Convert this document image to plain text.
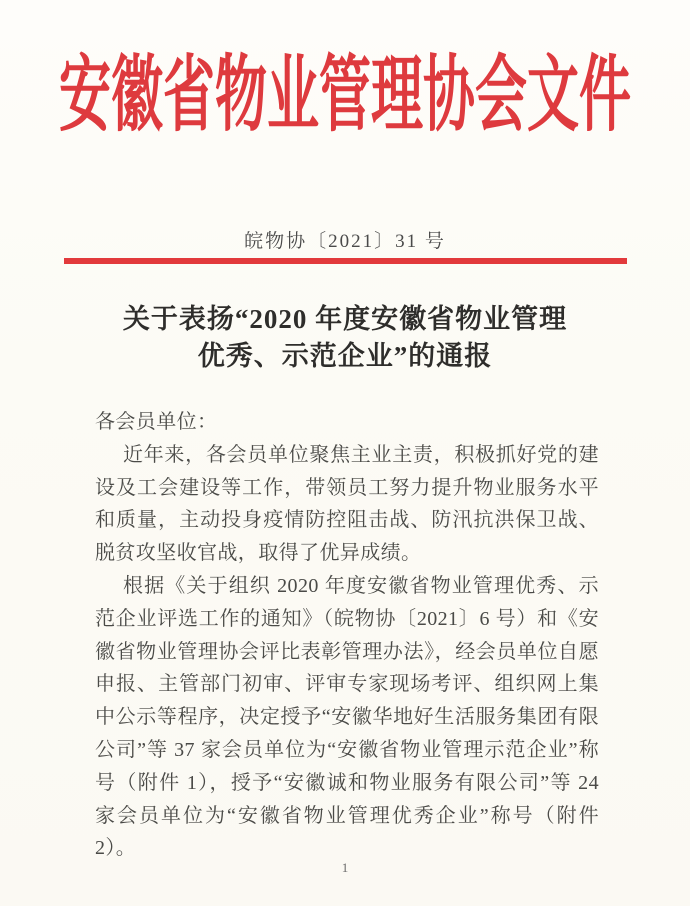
安徽省物业管理协会文件
皖物协〔2021〕31 号
关于表扬“2020 年度安徽省物业管理
优秀、示范企业”的通报

各会员单位：

近年来，各会员单位聚焦主业主责，积极抓好党的建设及工会建设等工作，带领员工努力提升物业服务水平和质量，主动投身疫情防控阻击战、防汛抗洪保卫战、脱贫攻坚收官战，取得了优异成绩。

根据《关于组织 2020 年度安徽省物业管理优秀、示范企业评选工作的通知》（皖物协〔2021〕6 号）和《安徽省物业管理协会评比表彰管理办法》，经会员单位自愿申报、主管部门初审、评审专家现场考评、组织网上集中公示等程序，决定授予“安徽华地好生活服务集团有限公司”等 37 家会员单位为“安徽省物业管理示范企业”称号（附件 1），授予“安徽诚和物业服务有限公司”等 24 家会员单位为“安徽省物业管理优秀企业”称号（附件 2）。

1
